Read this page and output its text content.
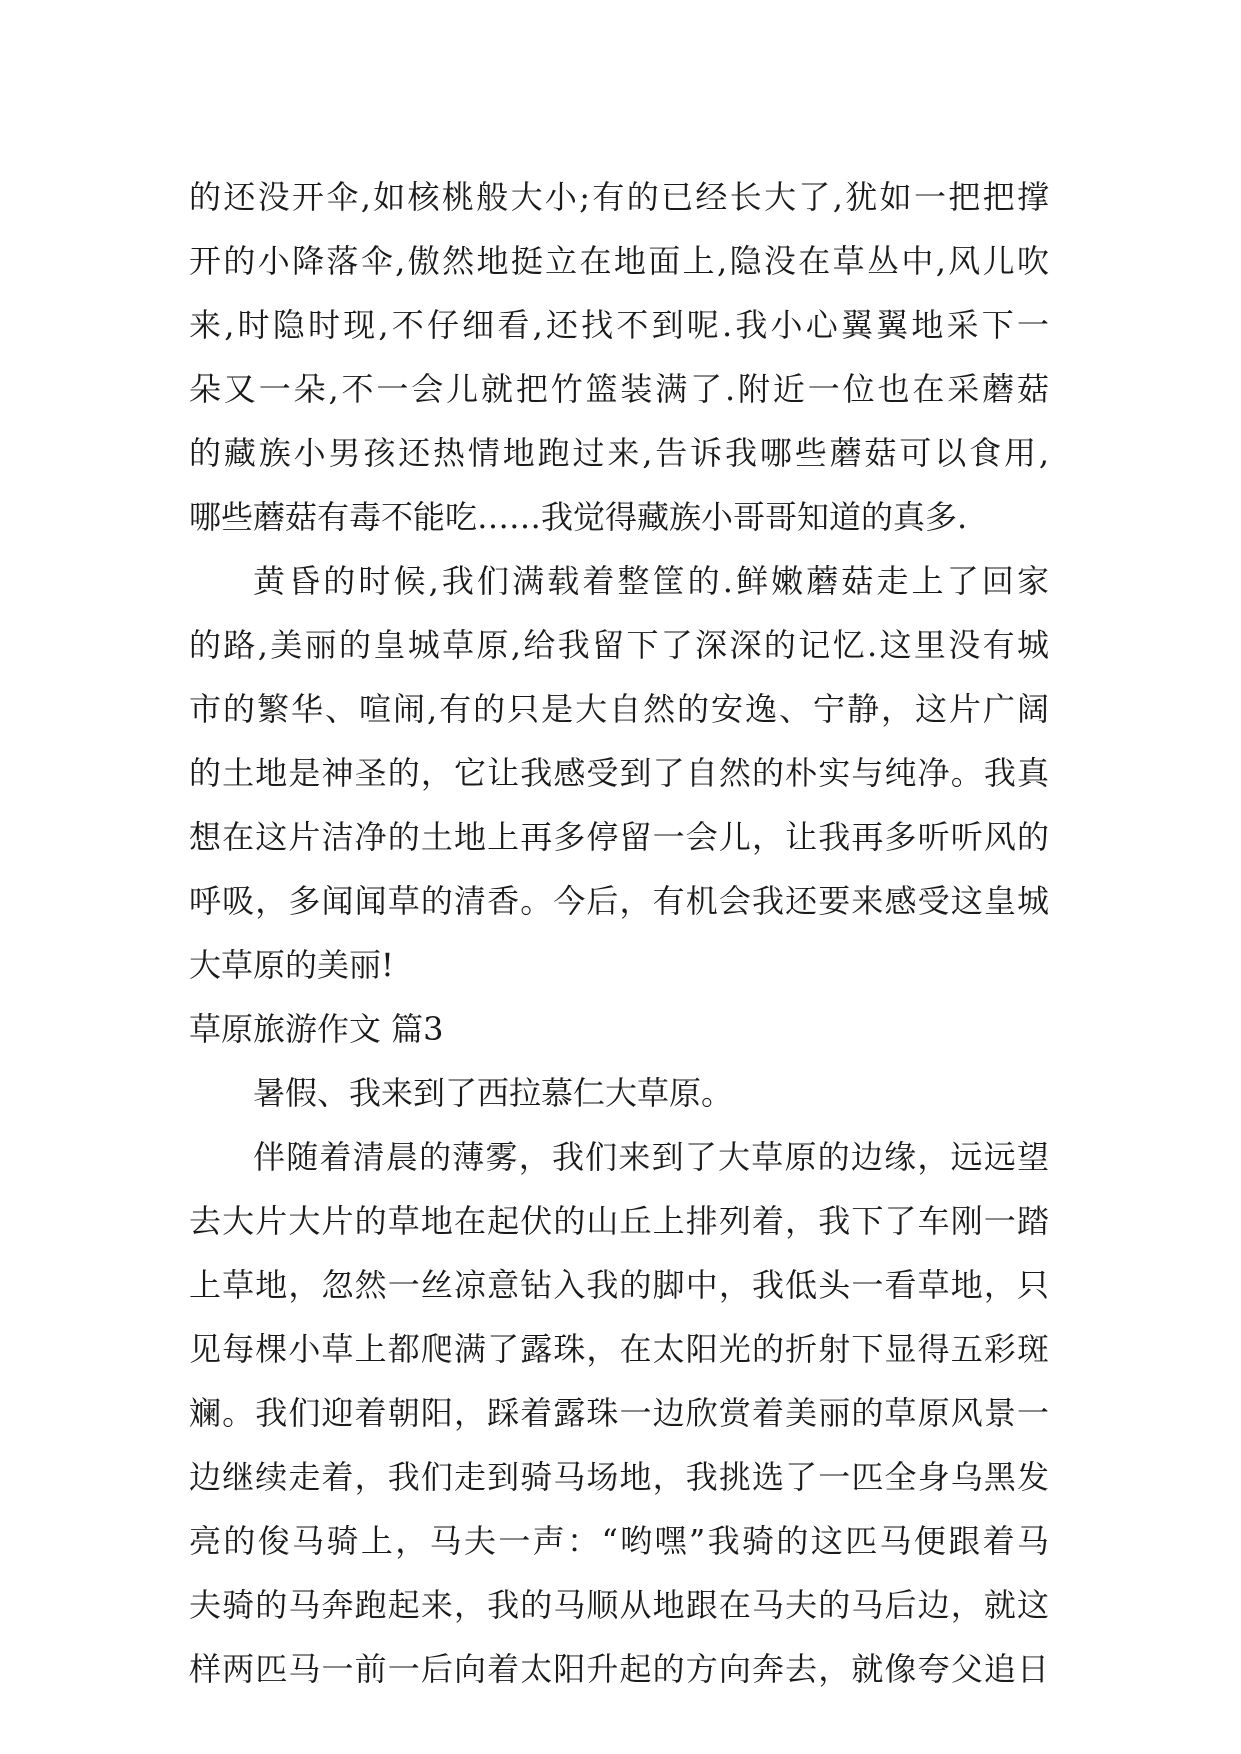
的还没开伞,如核桃般大小;有的已经长大了,犹如一把把撑
开的小降落伞,傲然地挺立在地面上,隐没在草丛中,风儿吹
来,时隐时现,不仔细看,还找不到呢.我小心翼翼地采下一
朵又一朵,不一会儿就把竹篮装满了.附近一位也在采蘑菇
的藏族小男孩还热情地跑过来,告诉我哪些蘑菇可以食用,
哪些蘑菇有毒不能吃……我觉得藏族小哥哥知道的真多.
黄昏的时候,我们满载着整筐的.鲜嫩蘑菇走上了回家
的路,美丽的皇城草原,给我留下了深深的记忆.这里没有城
市的繁华、喧闹,有的只是大自然的安逸、宁静，这片广阔
的土地是神圣的，它让我感受到了自然的朴实与纯净。我真
想在这片洁净的土地上再多停留一会儿，让我再多听听风的
呼吸，多闻闻草的清香。今后，有机会我还要来感受这皇城
大草原的美丽!
草原旅游作文 篇3
暑假、我来到了西拉慕仁大草原。
伴随着清晨的薄雾，我们来到了大草原的边缘，远远望
去大片大片的草地在起伏的山丘上排列着，我下了车刚一踏
上草地，忽然一丝凉意钻入我的脚中，我低头一看草地，只
见每棵小草上都爬满了露珠，在太阳光的折射下显得五彩斑
斓。我们迎着朝阳，踩着露珠一边欣赏着美丽的草原风景一
边继续走着，我们走到骑马场地，我挑选了一匹全身乌黑发
亮的俊马骑上，马夫一声：“哟嘿”我骑的这匹马便跟着马
夫骑的马奔跑起来，我的马顺从地跟在马夫的马后边，就这
样两匹马一前一后向着太阳升起的方向奔去，就像夸父追日
